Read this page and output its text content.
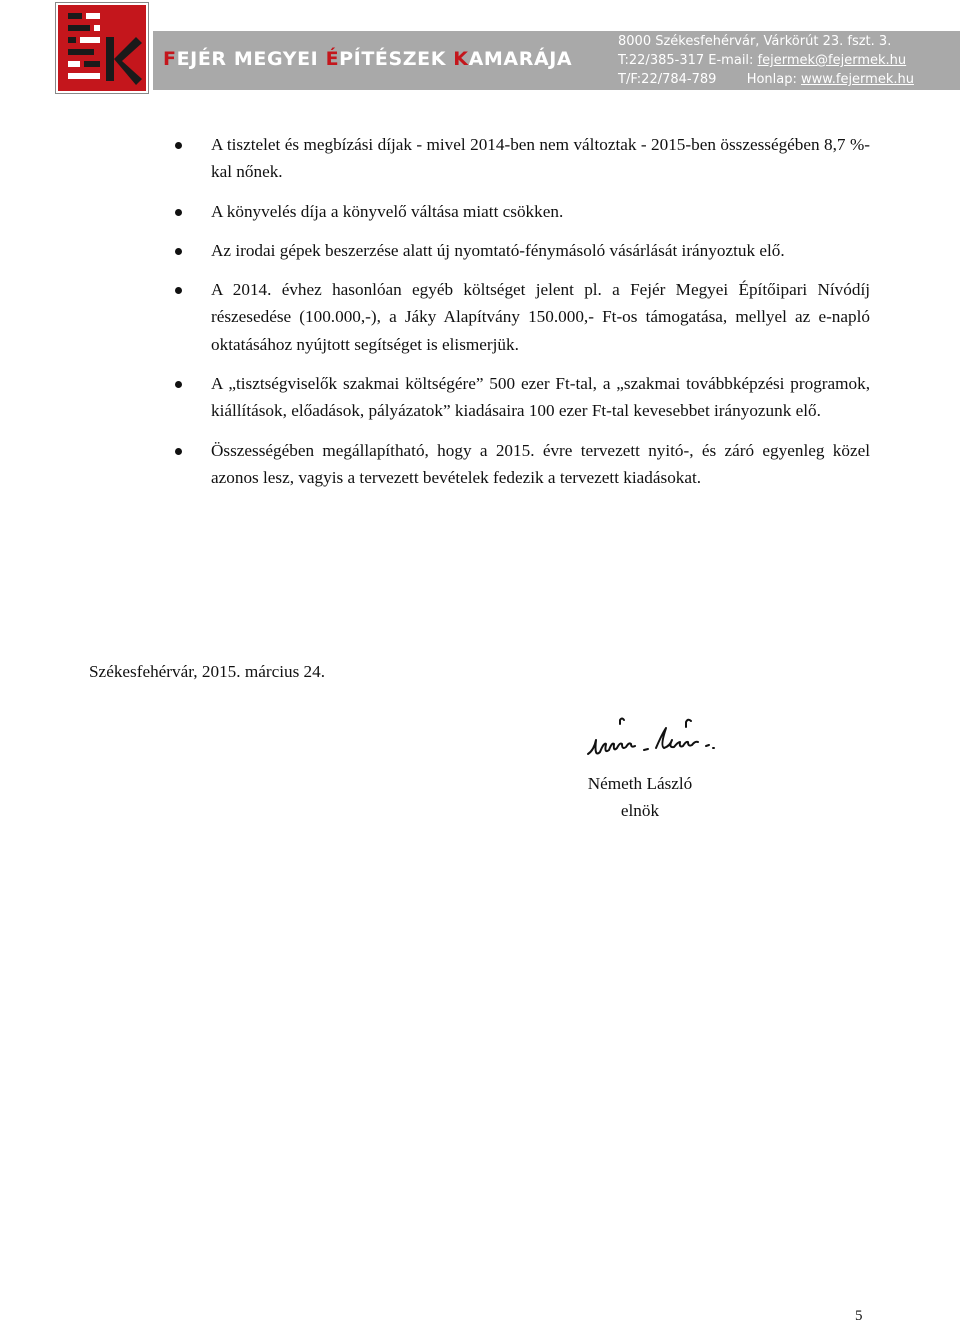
FEJÉR MEGYEI ÉPÍTÉSZEK KAMARÁJA
8000 Székesfehérvár, Várkörút 23. fszt. 3.
T:22/385-317 E-mail: fejermek@fejermek.hu
T/F:22/784-789 Honlap: www.fejermek.hu
A tisztelet és megbízási díjak - mivel 2014-ben nem változtak - 2015-ben összességében 8,7 %-kal nőnek.
A könyvelés díja a könyvelő váltása miatt csökken.
Az irodai gépek beszerzése alatt új nyomtató-fénymásoló vásárlását irányoztuk elő.
A 2014. évhez hasonlóan egyéb költséget jelent pl. a Fejér Megyei Építőipari Nívódíj részesedése (100.000,-), a Jáky Alapítvány 150.000,- Ft-os támogatása, mellyel az e-napló oktatásához nyújtott segítséget is elismerjük.
A „tisztségviselők szakmai költségére” 500 ezer Ft-tal, a „szakmai továbbképzési programok, kiállítások, előadások, pályázatok” kiadásaira 100 ezer Ft-tal kevesebbet irányozunk elő.
Összességében megállapítható, hogy a 2015. évre tervezett nyitó-, és záró egyenleg közel azonos lesz, vagyis a tervezett bevételek fedezik a tervezett kiadásokat.
Székesfehérvár, 2015. március 24.
Németh László
elnök
5
